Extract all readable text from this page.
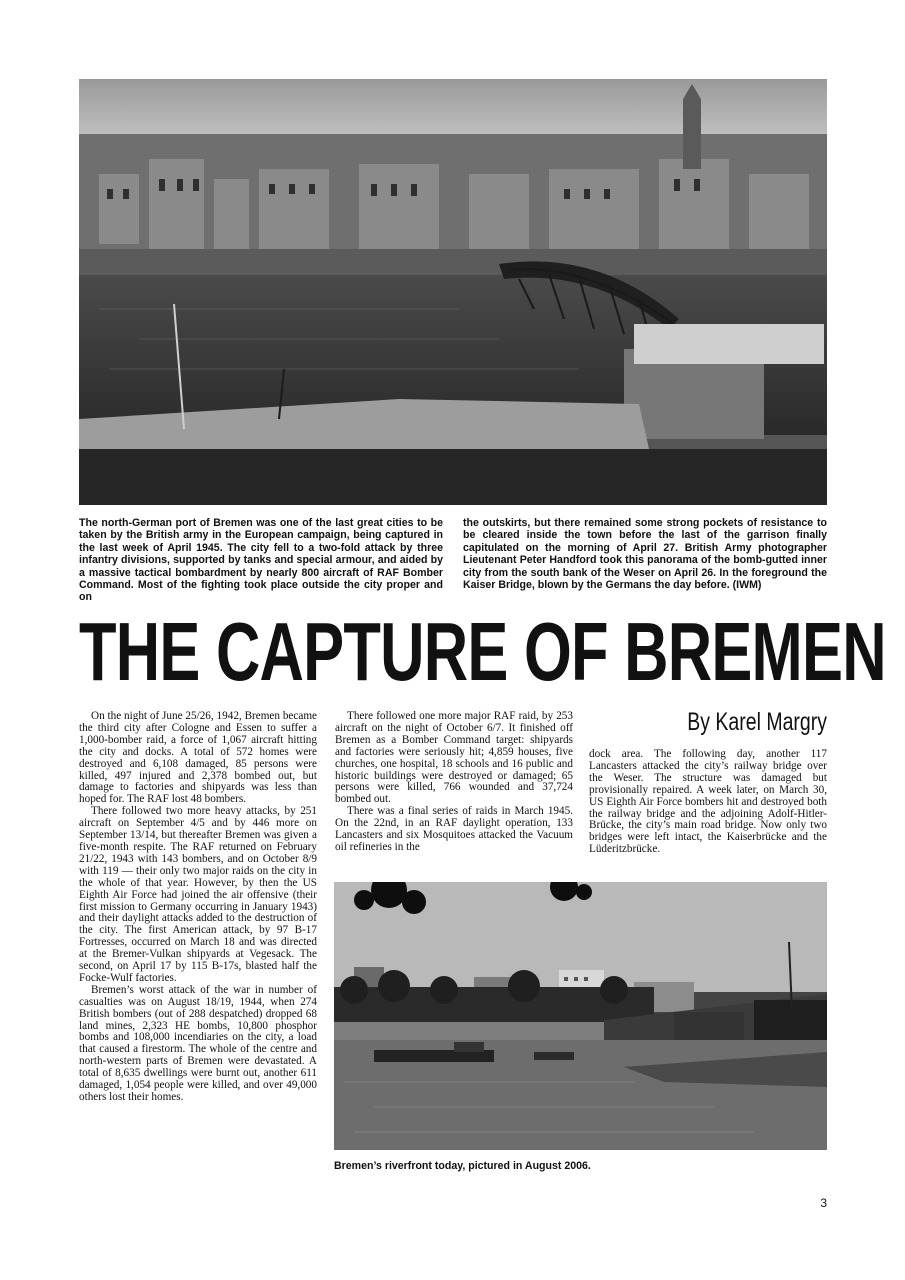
The north-German port of Bremen was one of the last great cities to be taken by the British army in the European campaign, being captured in the last week of April 1945. The city fell to a two-fold attack by three infantry divisions, supported by tanks and special armour, and aided by a massive tactical bombardment by nearly 800 aircraft of RAF Bomber Command. Most of the fighting took place outside the city proper and on

the outskirts, but there remained some strong pockets of resistance to be cleared inside the town before the last of the garrison finally capitulated on the morning of April 27. British Army photographer Lieutenant Peter Handford took this panorama of the bomb-gutted inner city from the south bank of the Weser on April 26. In the foreground the Kaiser Bridge, blown by the Germans the day before. (IWM)

THE CAPTURE OF BREMEN

By Karel Margry

On the night of June 25/26, 1942, Bremen became the third city after Cologne and Essen to suffer a 1,000-bomber raid, a force of 1,067 aircraft hitting the city and docks. A total of 572 homes were destroyed and 6,108 damaged, 85 persons were killed, 497 injured and 2,378 bombed out, but damage to factories and shipyards was less than hoped for. The RAF lost 48 bombers.

There followed two more heavy attacks, by 251 aircraft on September 4/5 and by 446 more on September 13/14, but thereafter Bremen was given a five-month respite. The RAF returned on February 21/22, 1943 with 143 bombers, and on October 8/9 with 119 — their only two major raids on the city in the whole of that year. However, by then the US Eighth Air Force had joined the air offensive (their first mission to Germany occurring in January 1943) and their daylight attacks added to the destruction of the city. The first American attack, by 97 B-17 Fortresses, occurred on March 18 and was directed at the Bremer-Vulkan shipyards at Vegesack. The second, on April 17 by 115 B-17s, blasted half the Focke-Wulf factories.

Bremen’s worst attack of the war in number of casualties was on August 18/19, 1944, when 274 British bombers (out of 288 despatched) dropped 68 land mines, 2,323 HE bombs, 10,800 phosphor bombs and 108,000 incendiaries on the city, a load that caused a firestorm. The whole of the centre and north-western parts of Bremen were devastated. A total of 8,635 dwellings were burnt out, another 611 damaged, 1,054 people were killed, and over 49,000 others lost their homes.

There followed one more major RAF raid, by 253 aircraft on the night of October 6/7. It finished off Bremen as a Bomber Command target: shipyards and factories were seriously hit; 4,859 houses, five churches, one hospital, 18 schools and 16 public and historic buildings were destroyed or damaged; 65 persons were killed, 766 wounded and 37,724 bombed out.

There was a final series of raids in March 1945. On the 22nd, in an RAF daylight operation, 133 Lancasters and six Mosquitoes attacked the Vacuum oil refineries in the

dock area. The following day, another 117 Lancasters attacked the city’s railway bridge over the Weser. The structure was damaged but provisionally repaired. A week later, on March 30, US Eighth Air Force bombers hit and destroyed both the railway bridge and the adjoining Adolf-Hitler-Brücke, the city’s main road bridge. Now only two bridges were left intact, the Kaiserbrücke and the Lüderitzbrücke.

Bremen’s riverfront today, pictured in August 2006.

3
